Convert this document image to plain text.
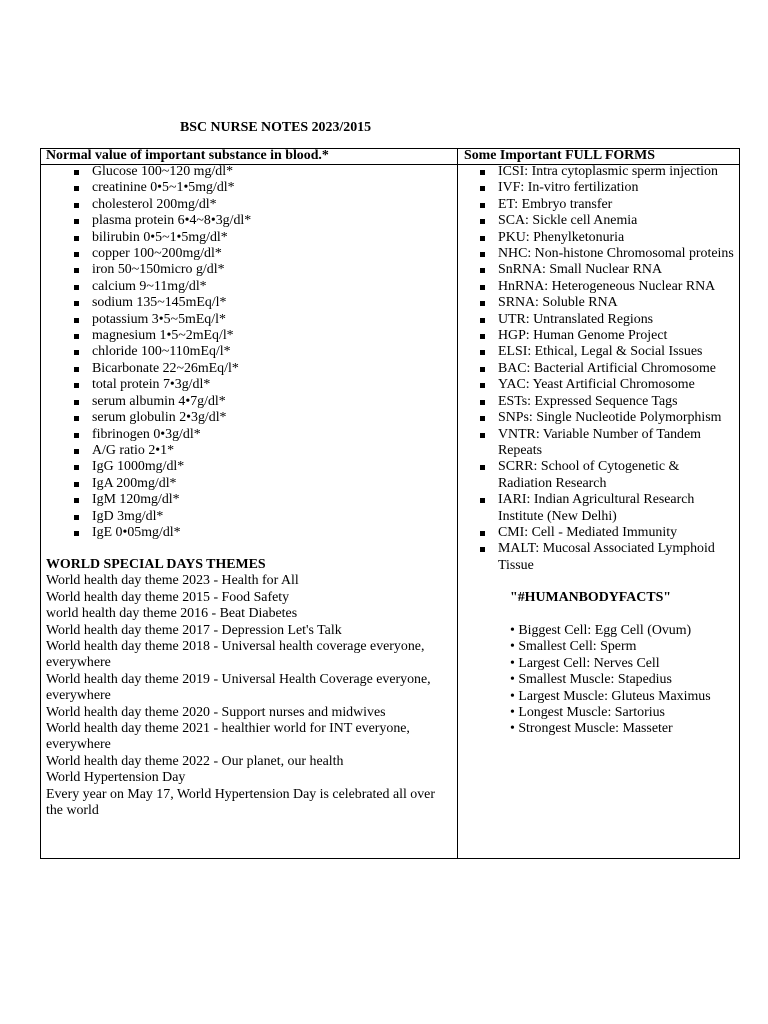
BSC NURSE NOTES 2023/2015
Normal value of important substance in blood.*	Some Important FULL FORMS
Glucose 100~120 mg/dl*
creatinine 0•5~1•5mg/dl*
cholesterol 200mg/dl*
plasma protein 6•4~8•3g/dl*
bilirubin 0•5~1•5mg/dl*
copper 100~200mg/dl*
iron 50~150micro g/dl*
calcium 9~11mg/dl*
sodium 135~145mEq/l*
potassium 3•5~5mEq/l*
magnesium 1•5~2mEq/l*
chloride 100~110mEq/l*
Bicarbonate 22~26mEq/l*
total protein 7•3g/dl*
serum albumin 4•7g/dl*
serum globulin 2•3g/dl*
fibrinogen 0•3g/dl*
A/G ratio 2•1*
IgG 1000mg/dl*
IgA 200mg/dl*
IgM 120mg/dl*
IgD 3mg/dl*
IgE 0•05mg/dl*
ICSI: Intra cytoplasmic sperm injection
IVF: In-vitro fertilization
ET: Embryo transfer
SCA: Sickle cell Anemia
PKU: Phenylketonuria
NHC: Non-histone Chromosomal proteins
SnRNA: Small Nuclear RNA
HnRNA: Heterogeneous Nuclear RNA
SRNA: Soluble RNA
UTR: Untranslated Regions
HGP: Human Genome Project
ELSI: Ethical, Legal & Social Issues
BAC: Bacterial Artificial Chromosome
YAC: Yeast Artificial Chromosome
ESTs: Expressed Sequence Tags
SNPs: Single Nucleotide Polymorphism
VNTR: Variable Number of Tandem Repeats
SCRR: School of Cytogenetic & Radiation Research
IARI: Indian Agricultural Research Institute (New Delhi)
CMI: Cell - Mediated Immunity
MALT: Mucosal Associated Lymphoid Tissue
WORLD SPECIAL DAYS THEMES
World health day theme 2023 - Health for All
World health day theme 2015 - Food Safety
world health day theme 2016 - Beat Diabetes
World health day theme 2017 - Depression Let's Talk
World health day theme 2018 - Universal health coverage everyone, everywhere
World health day theme 2019 - Universal Health Coverage everyone, everywhere
World health day theme 2020 - Support nurses and midwives
World health day theme 2021 - healthier world for INT everyone, everywhere
World health day theme 2022 - Our planet, our health
World Hypertension Day
Every year on May 17, World Hypertension Day is celebrated all over the world
"#HUMANBODYFACTS"
• Biggest Cell: Egg Cell (Ovum)
• Smallest Cell: Sperm
• Largest Cell: Nerves Cell
• Smallest Muscle: Stapedius
• Largest Muscle: Gluteus Maximus
• Longest Muscle: Sartorius
• Strongest Muscle: Masseter
